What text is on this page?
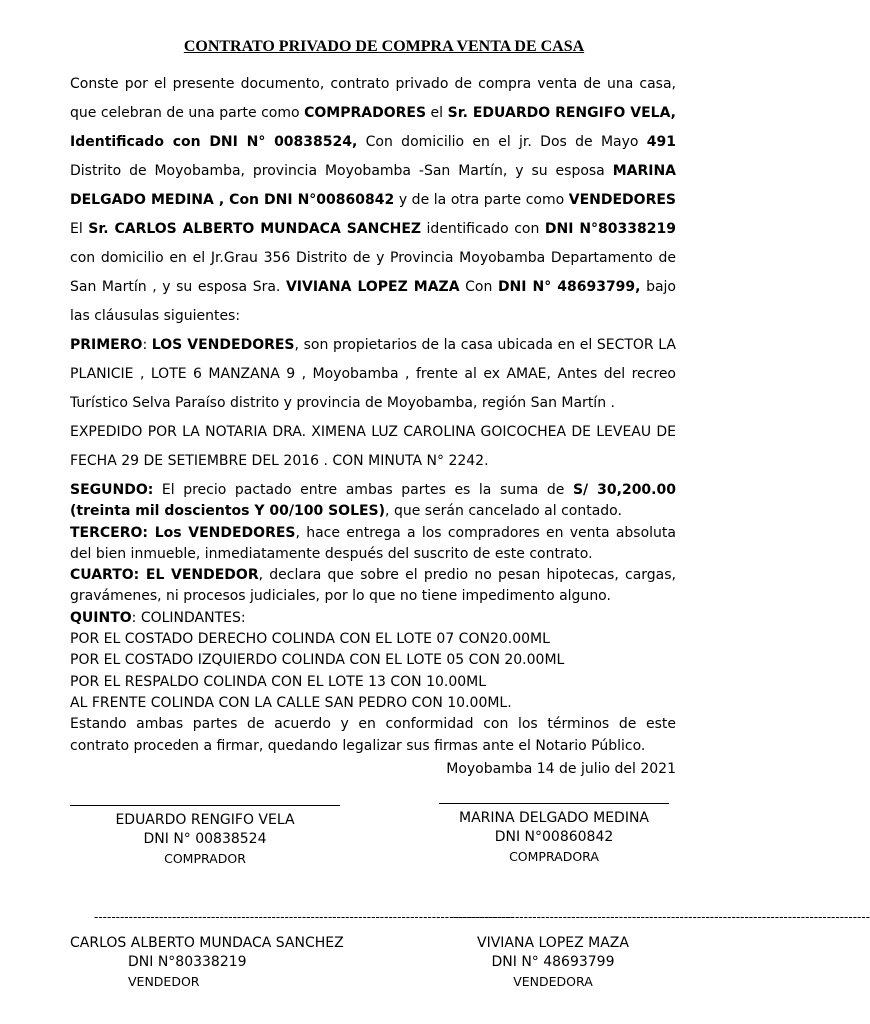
CONTRATO PRIVADO DE COMPRA VENTA DE CASA

Conste por el presente documento, contrato privado de compra venta de una casa, que celebran de una parte como COMPRADORES el Sr. EDUARDO RENGIFO VELA, Identificado con DNI N° 00838524, Con domicilio en el jr. Dos de Mayo 491 Distrito de Moyobamba, provincia Moyobamba -San Martín, y su esposa MARINA DELGADO MEDINA , Con DNI N°00860842 y de la otra parte como VENDEDORES El Sr. CARLOS ALBERTO MUNDACA SANCHEZ identificado con DNI N°80338219 con domicilio en el Jr.Grau 356 Distrito de y Provincia Moyobamba Departamento de San Martín , y su esposa Sra. VIVIANA LOPEZ MAZA Con DNI N° 48693799, bajo las cláusulas siguientes:

PRIMERO: LOS VENDEDORES, son propietarios de la casa ubicada en el SECTOR LA PLANICIE , LOTE 6 MANZANA 9 , Moyobamba , frente al ex AMAE, Antes del recreo Turístico Selva Paraíso distrito y provincia de Moyobamba, región San Martín .

EXPEDIDO POR LA NOTARIA DRA. XIMENA LUZ CAROLINA GOICOCHEA DE LEVEAU DE FECHA 29 DE SETIEMBRE DEL 2016 . CON MINUTA N° 2242.

SEGUNDO: El precio pactado entre ambas partes es la suma de S/ 30,200.00 (treinta mil doscientos Y 00/100 SOLES), que serán cancelado al contado.

TERCERO: Los VENDEDORES, hace entrega a los compradores en venta absoluta del bien inmueble, inmediatamente después del suscrito de este contrato.

CUARTO: EL VENDEDOR, declara que sobre el predio no pesan hipotecas, cargas, gravámenes, ni procesos judiciales, por lo que no tiene impedimento alguno.

QUINTO: COLINDANTES:

POR EL COSTADO DERECHO COLINDA CON EL LOTE 07 CON20.00ML

POR EL COSTADO IZQUIERDO COLINDA CON EL LOTE 05 CON 20.00ML

POR EL RESPALDO COLINDA CON EL LOTE 13 CON 10.00ML

AL FRENTE COLINDA CON LA CALLE SAN PEDRO CON 10.00ML.

Estando ambas partes de acuerdo y en conformidad con los términos de este contrato proceden a firmar, quedando legalizar sus firmas ante el Notario Público.

Moyobamba 14 de julio del 2021

EDUARDO RENGIFO VELA
DNI N° 00838524
COMPRADOR
MARINA DELGADO MEDINA
DNI N°00860842
COMPRADORA
-------------------------------------------------------------------------------------------------
CARLOS ALBERTO MUNDACA SANCHEZ
DNI N°80338219
VENDEDOR
-------------------------------------------------------------------------------------------------
VIVIANA LOPEZ MAZA
DNI N° 48693799
VENDEDORA
